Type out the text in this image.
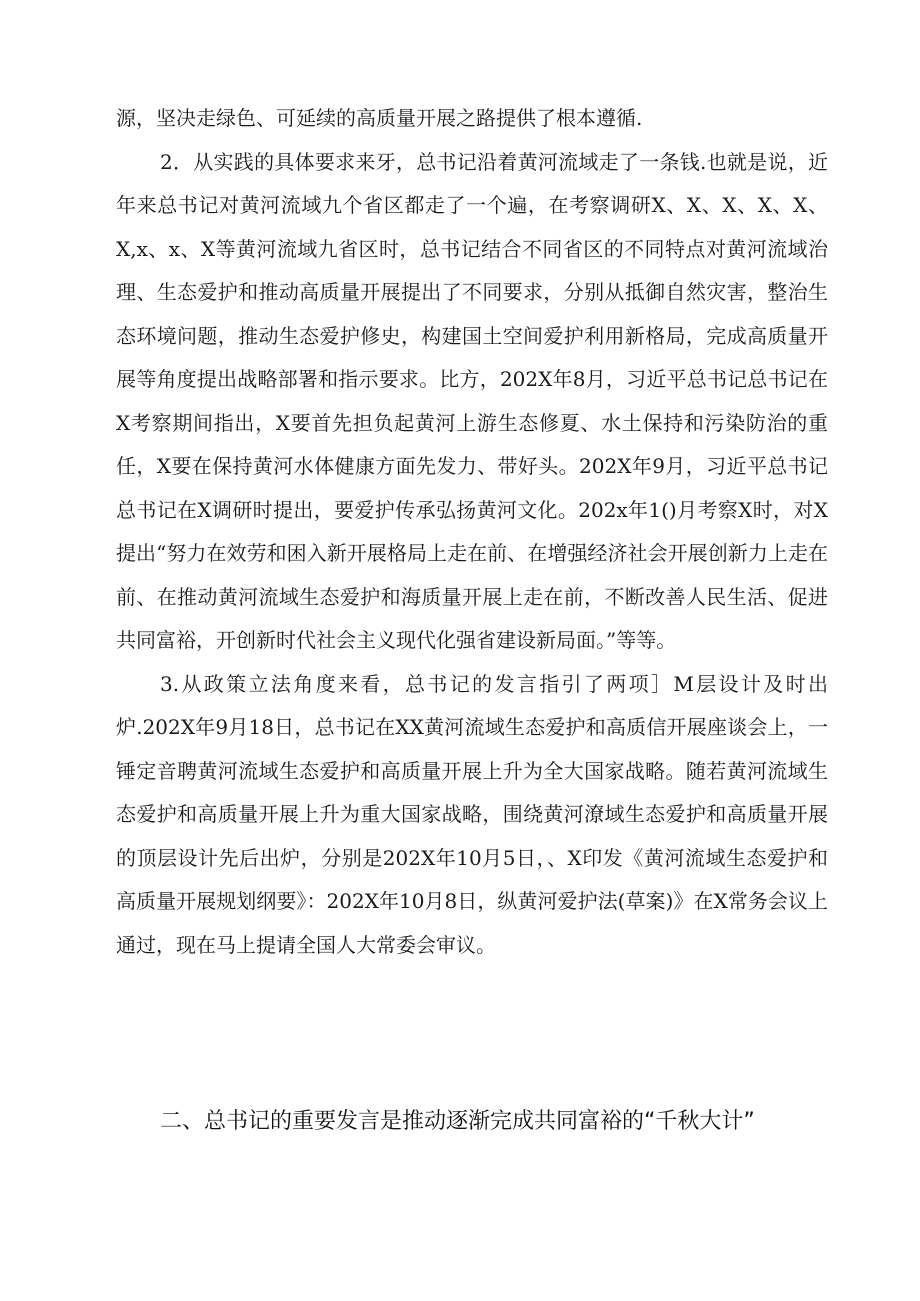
源，坚决走绿色、可延续的高质量开展之路提供了根本遵循.

2．从实践的具体要求来牙，总书记沿着黄河流域走了一条钱.也就是说，近年来总书记对黄河流域九个省区都走了一个遍，在考察调研X、X、X、X、X、X,x、x、X等黄河流域九省区时，总书记结合不同省区的不同特点对黄河流域治理、生态爱护和推动高质量开展提出了不同要求，分别从抵御自然灾害，整治生态环境问题，推动生态爱护修史，构建国土空间爱护利用新格局，完成高质量开展等角度提出战略部署和指示要求。比方，202X年8月，习近平总书记总书记在X考察期间指出，X要首先担负起黄河上游生态修夏、水土保持和污染防治的重任，X要在保持黄河水体健康方面先发力、带好头。202X年9月，习近平总书记总书记在X调研时提出，要爱护传承弘扬黄河文化。202x年1()月考察X时，对X提出“努力在效劳和困入新开展格局上走在前、在增强经济社会开展创新力上走在前、在推动黄河流域生态爱护和海质量开展上走在前，不断改善人民生活、促进共同富裕，开创新时代社会主义现代化强省建设新局面。”等等。

3.从政策立法角度来看，总书记的发言指引了两项］M层设计及时出炉.202X年9月18日，总书记在XX黄河流域生态爱护和高质信开展座谈会上，一锤定音聘黄河流域生态爱护和高质量开展上升为全大国家战略。随若黄河流域生态爱护和高质量开展上升为重大国家战略，围绕黄河潦域生态爱护和高质量开展的顶层设计先后出炉，分别是202X年10月5日，、X印发《黄河流域生态爱护和高质量开展规划纲要》：202X年10月8日，纵黄河爱护法(草案)》在X常务会议上通过，现在马上提请全国人大常委会审议。

二、总书记的重要发言是推动逐渐完成共同富裕的“千秋大计”
